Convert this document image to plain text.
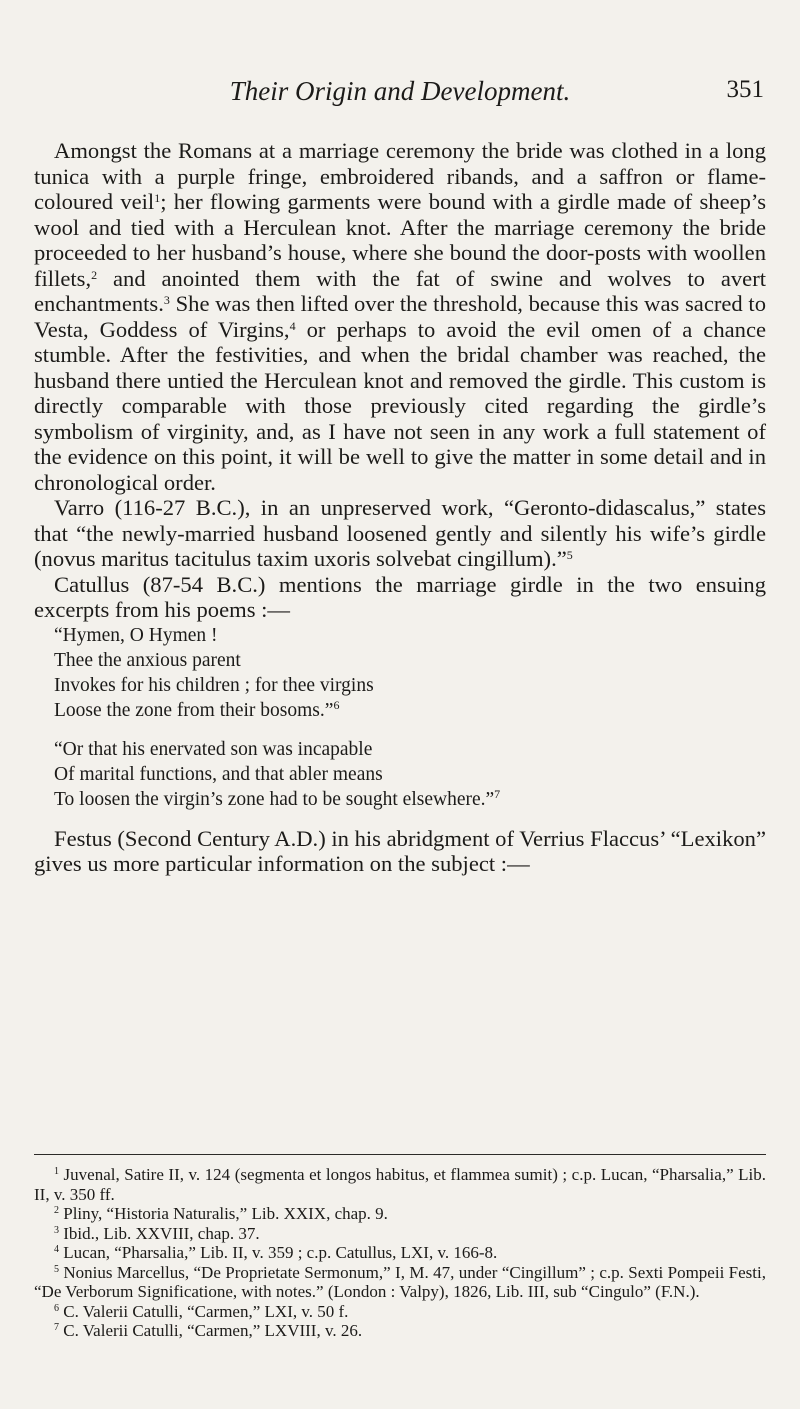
Their Origin and Development.	351

Amongst the Romans at a marriage ceremony the bride was clothed in a long tunica with a purple fringe, embroidered ribands, and a saffron or flame-coloured veil$^1$; her flowing garments were bound with a girdle made of sheep’s wool and tied with a Herculean knot. After the marriage ceremony the bride proceeded to her husband’s house, where she bound the door-posts with woollen fillets,$^2$ and anointed them with the fat of swine and wolves to avert enchantments.$^3$ She was then lifted over the threshold, because this was sacred to Vesta, Goddess of Virgins,$^4$ or perhaps to avoid the evil omen of a chance stumble. After the festivities, and when the bridal chamber was reached, the husband there untied the Herculean knot and removed the girdle. This custom is directly comparable with those previously cited regarding the girdle’s symbolism of virginity, and, as I have not seen in any work a full statement of the evidence on this point, it will be well to give the matter in some detail and in chronological order.

Varro (116-27 B.C.), in an unpreserved work, “Geronto-didascalus,” states that “the newly-married husband loosened gently and silently his wife’s girdle (novus maritus tacitulus taxim uxoris solvebat cingillum).”$^5$

Catullus (87-54 B.C.) mentions the marriage girdle in the two ensuing excerpts from his poems :—

“Hymen, O Hymen !
Thee the anxious parent
Invokes for his children ; for thee virgins
Loose the zone from their bosoms.”$^6$

“Or that his enervated son was incapable
Of marital functions, and that abler means
To loosen the virgin’s zone had to be sought elsewhere.”$^7$

Festus (Second Century A.D.) in his abridgment of Verrius Flaccus’ “Lexikon” gives us more particular information on the subject :—

$^1$ Juvenal, Satire II, v. 124 (segmenta et longos habitus, et flammea sumit) ; c.p. Lucan, “Pharsalia,” Lib. II, v. 350 ff.
$^2$ Pliny, “Historia Naturalis,” Lib. XXIX, chap. 9.
$^3$ Ibid., Lib. XXVIII, chap. 37.
$^4$ Lucan, “Pharsalia,” Lib. II, v. 359 ; c.p. Catullus, LXI, v. 166-8.
$^5$ Nonius Marcellus, “De Proprietate Sermonum,” I, M. 47, under “Cingillum” ; c.p. Sexti Pompeii Festi, “De Verborum Significatione, with notes.” (London : Valpy), 1826, Lib. III, sub “Cingulo” (F.N.).
$^6$ C. Valerii Catulli, “Carmen,” LXI, v. 50 f.
$^7$ C. Valerii Catulli, “Carmen,” LXVIII, v. 26.
